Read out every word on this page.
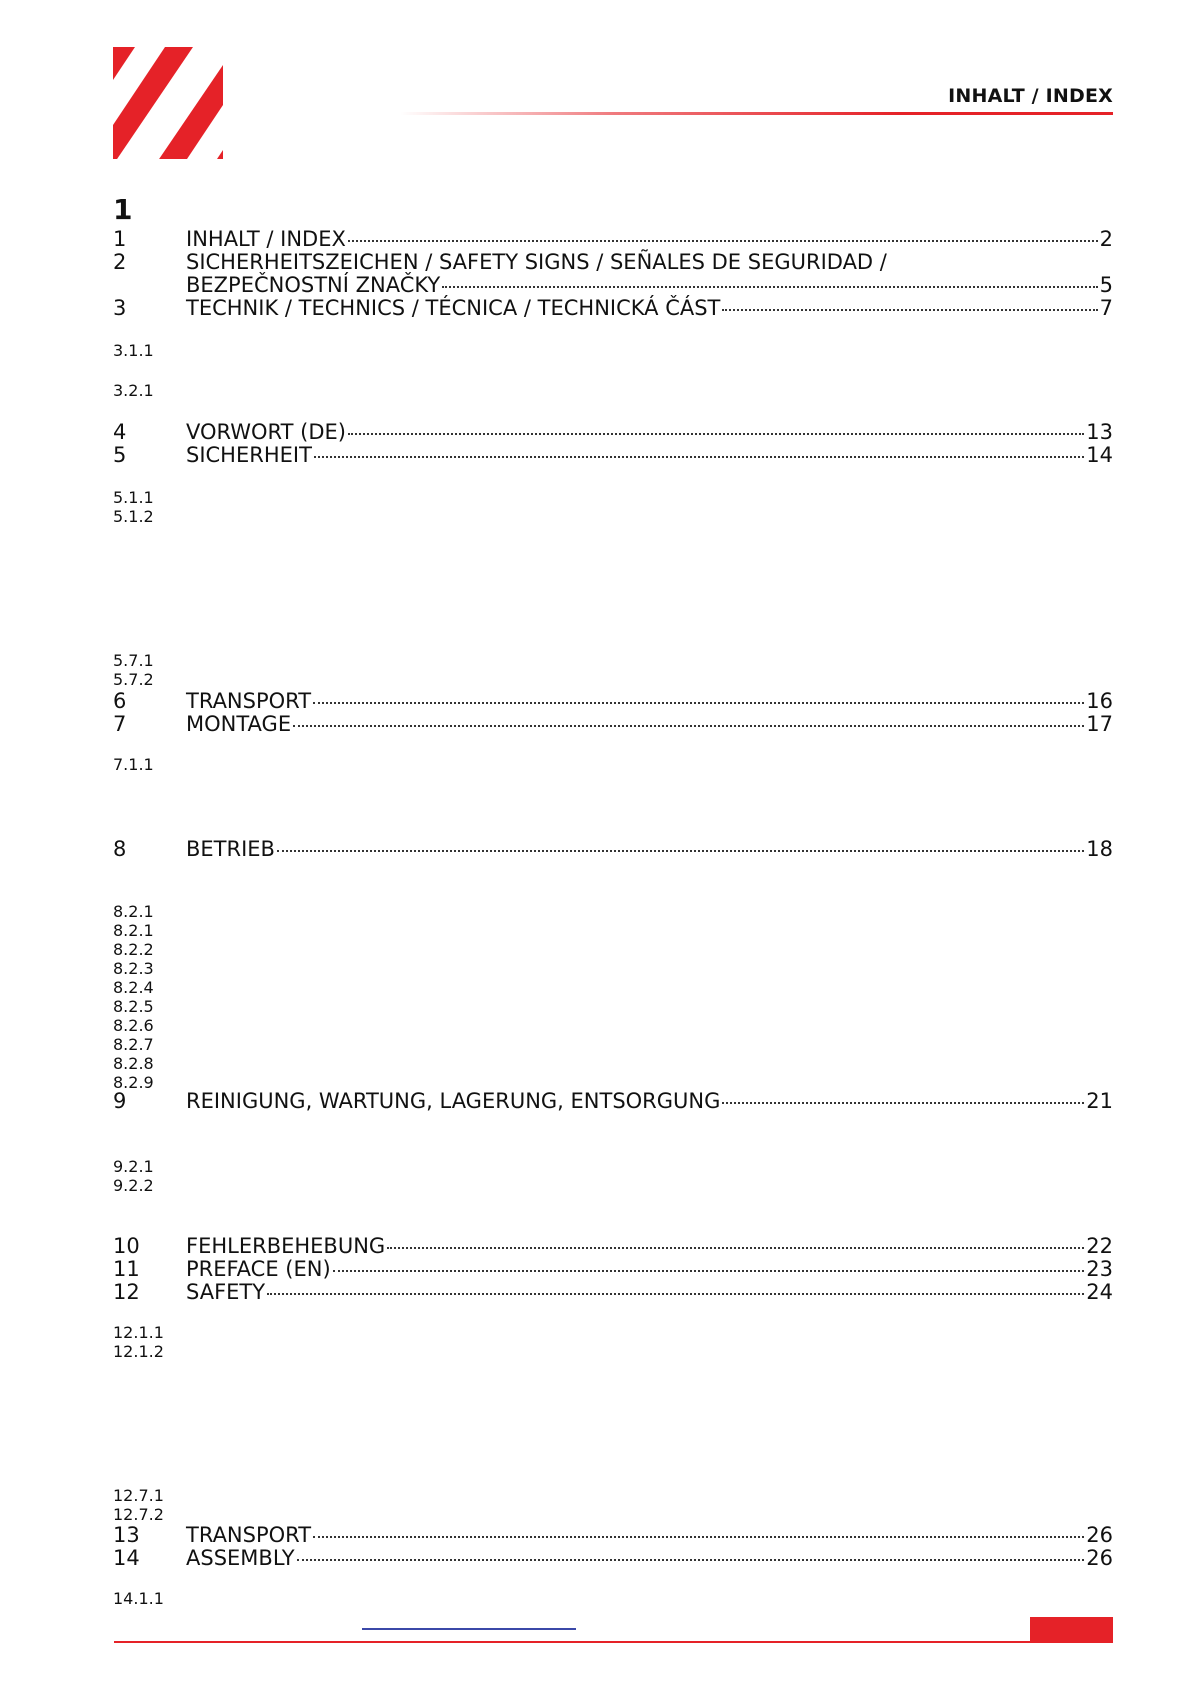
INHALT / INDEX
1
1	INHALT / INDEX	2
2	SICHERHEITSZEICHEN / SAFETY SIGNS / SEÑALES DE SEGURIDAD /
BEZPEČNOSTNÍ ZNAČKY	5
3	TECHNIK / TECHNICS / TÉCNICA / TECHNICKÁ ČÁST	7
3.1.1
3.2.1
4	VORWORT (DE)	13
5	SICHERHEIT	14
5.1.1
5.1.2
5.7.1
5.7.2
6	TRANSPORT	16
7	MONTAGE	17
7.1.1
8	BETRIEB	18
8.2.1
8.2.1
8.2.2
8.2.3
8.2.4
8.2.5
8.2.6
8.2.7
8.2.8
8.2.9
9	REINIGUNG, WARTUNG, LAGERUNG, ENTSORGUNG	21
9.2.1
9.2.2
10 FEHLERBEHEBUNG	22
11 PREFACE (EN)	23
12 SAFETY	24
12.1.1
12.1.2
12.7.1
12.7.2
13 TRANSPORT	26
14 ASSEMBLY	26
14.1.1
